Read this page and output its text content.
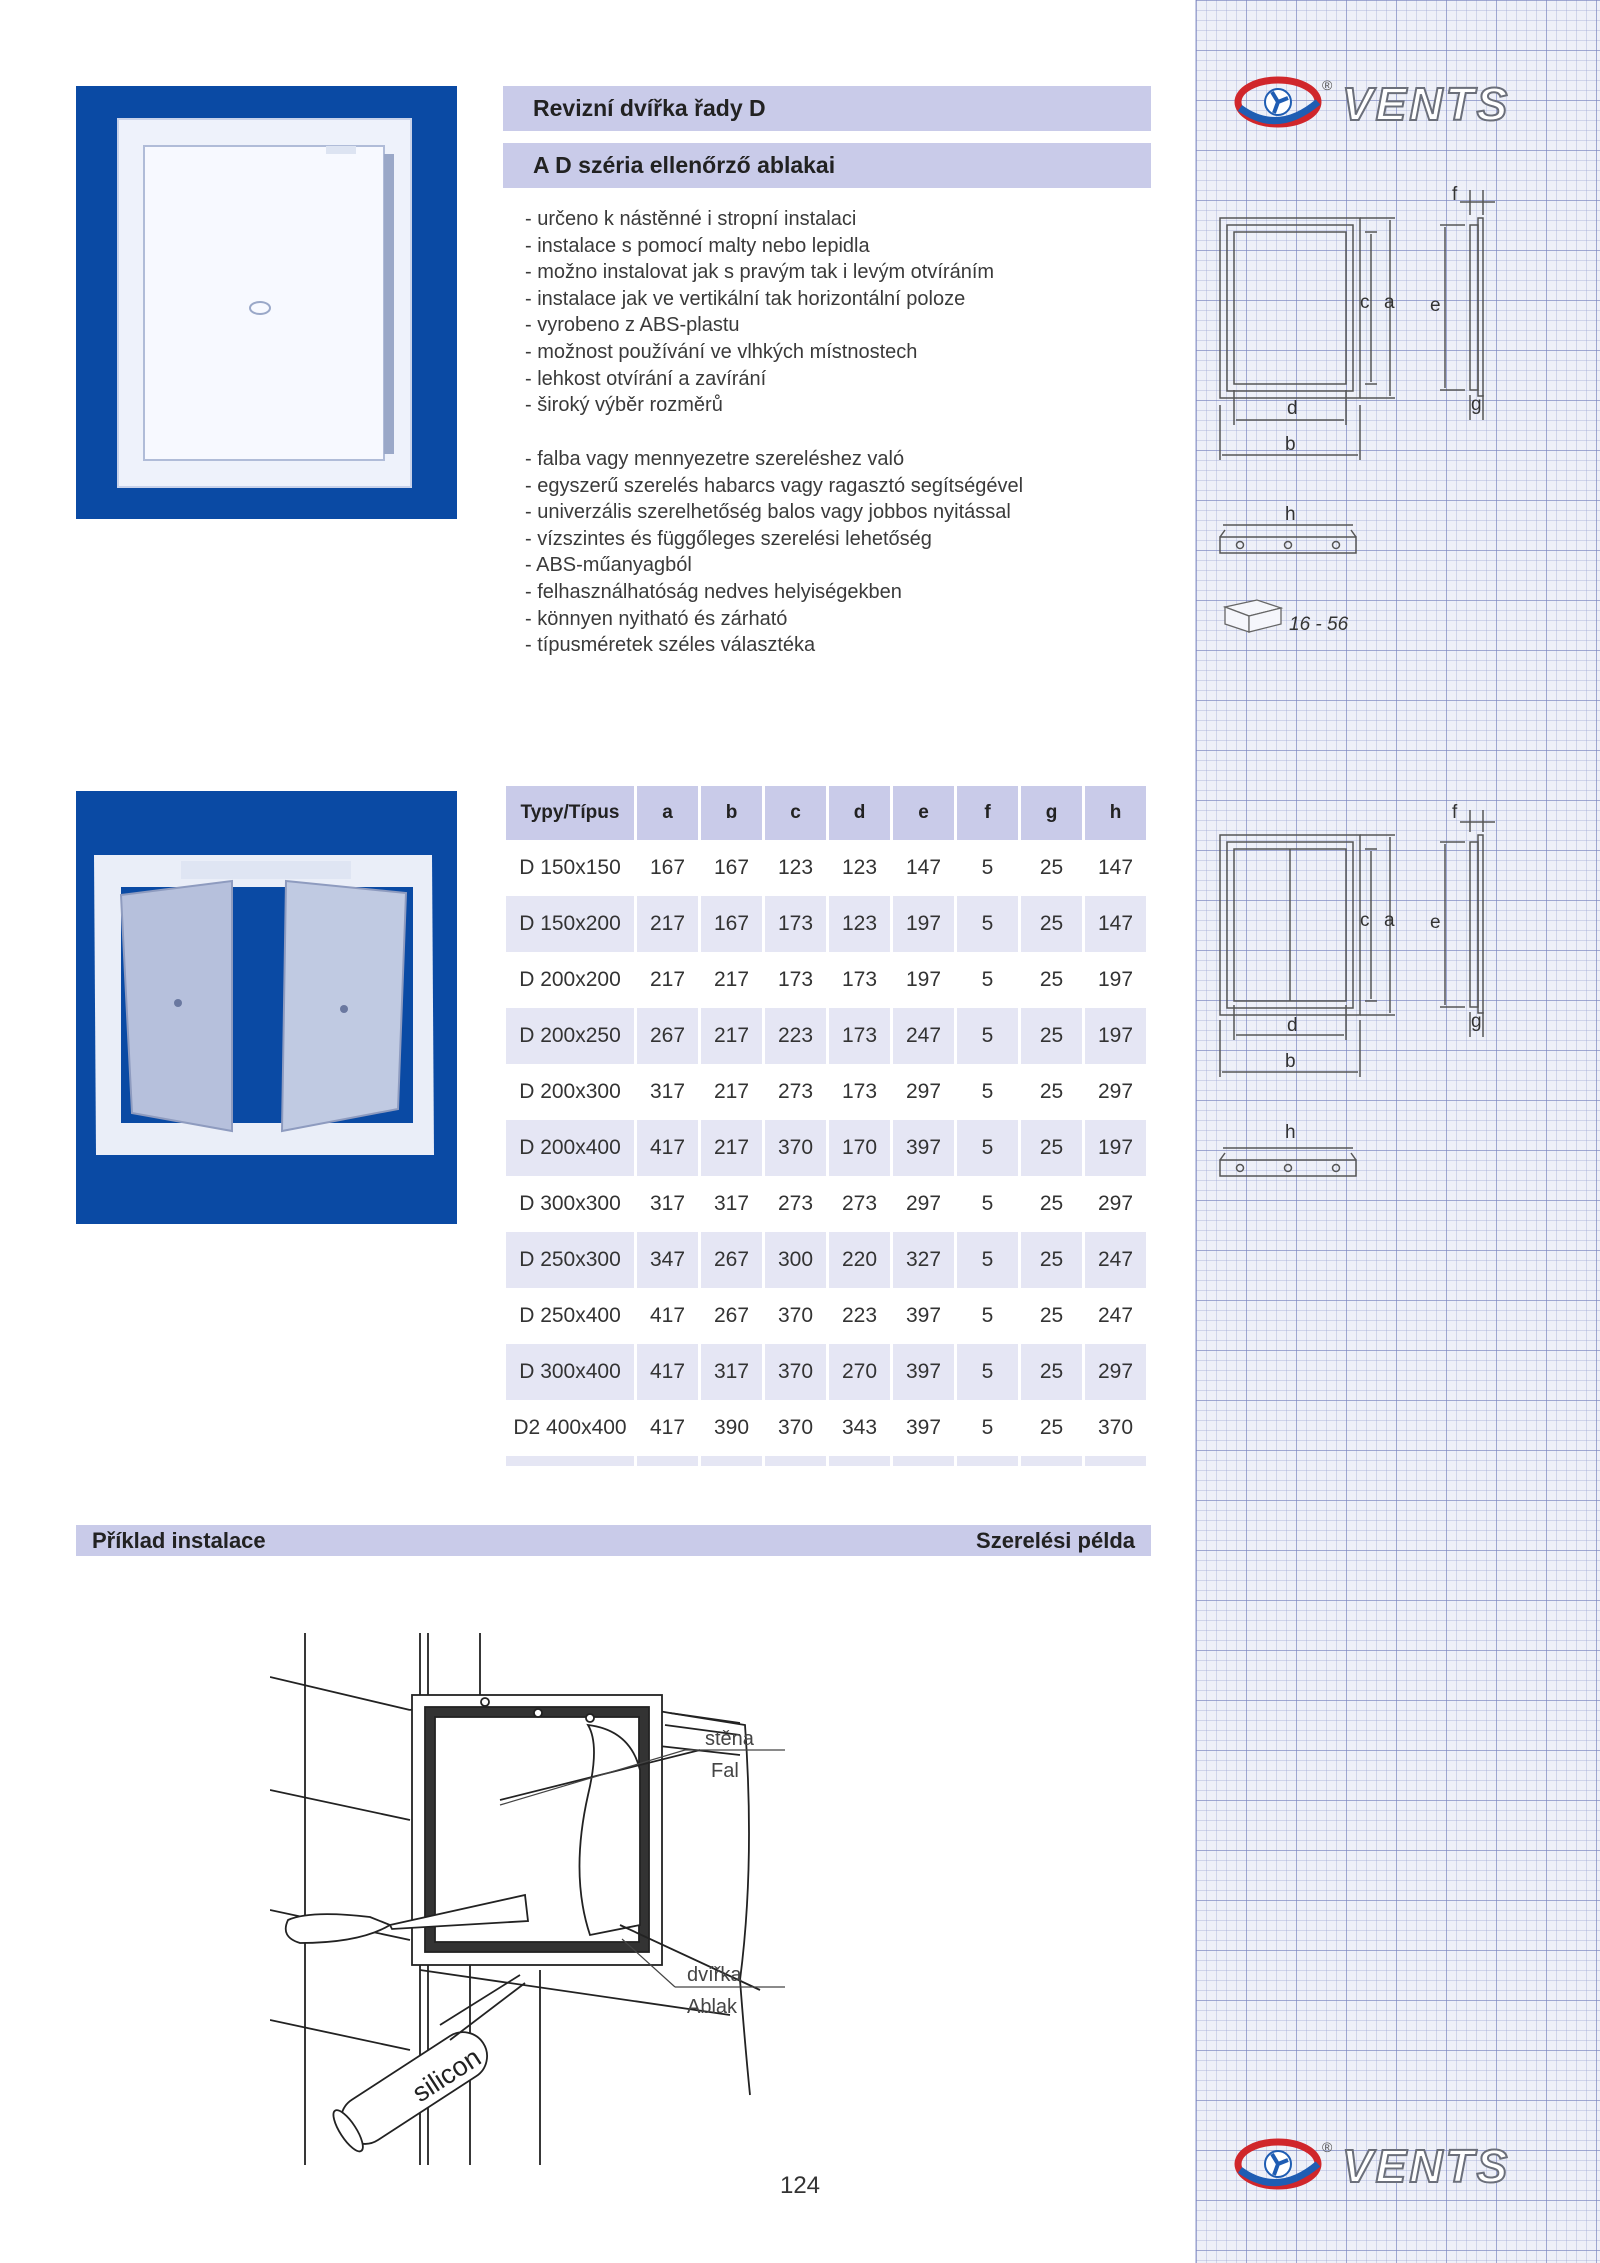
® VENTS
® VENTS
Revizní dvířka řady D
A D széria ellenőrző ablakai
- určeno k nástěnné i stropní instalaci
- instalace s pomocí malty nebo lepidla
- možno instalovat jak s pravým tak i levým otvíráním
- instalace jak ve vertikální tak horizontální poloze
- vyrobeno z ABS-plastu
- možnost používání ve vlhkých místnostech
- lehkost otvírání a zavírání
- široký výběr rozměrů
- falba vagy mennyezetre szereléshez való
- egyszerű szerelés habarcs vagy ragasztó segítségével
- univerzális szerelhetőség balos vagy jobbos nyitással
- vízszintes és függőleges szerelési lehetőség
- ABS-műanyagból
- felhasználhatóság nedves helyiségekben
- könnyen nyitható és zárható
- típusméretek széles választéka
c a
d
b
e
f
g
h
16 - 56
c a
d
b
e
f
g
h
Typy/Típus	a	b	c	d	e	f	g	h
D 150x150	167	167	123	123	147	5	25	147
D 150x200	217	167	173	123	197	5	25	147
D 200x200	217	217	173	173	197	5	25	197
D 200x250	267	217	223	173	247	5	25	197
D 200x300	317	217	273	173	297	5	25	297
D 200x400	417	217	370	170	397	5	25	197
D 300x300	317	317	273	273	297	5	25	297
D 250x300	347	267	300	220	327	5	25	247
D 250x400	417	267	370	223	397	5	25	247
D 300x400	417	317	370	270	397	5	25	297
D2 400x400	417	390	370	343	397	5	25	370

Příklad instalace	Szerelési példa
silicon
stěna
Fal
dvířka
Ablak
124
